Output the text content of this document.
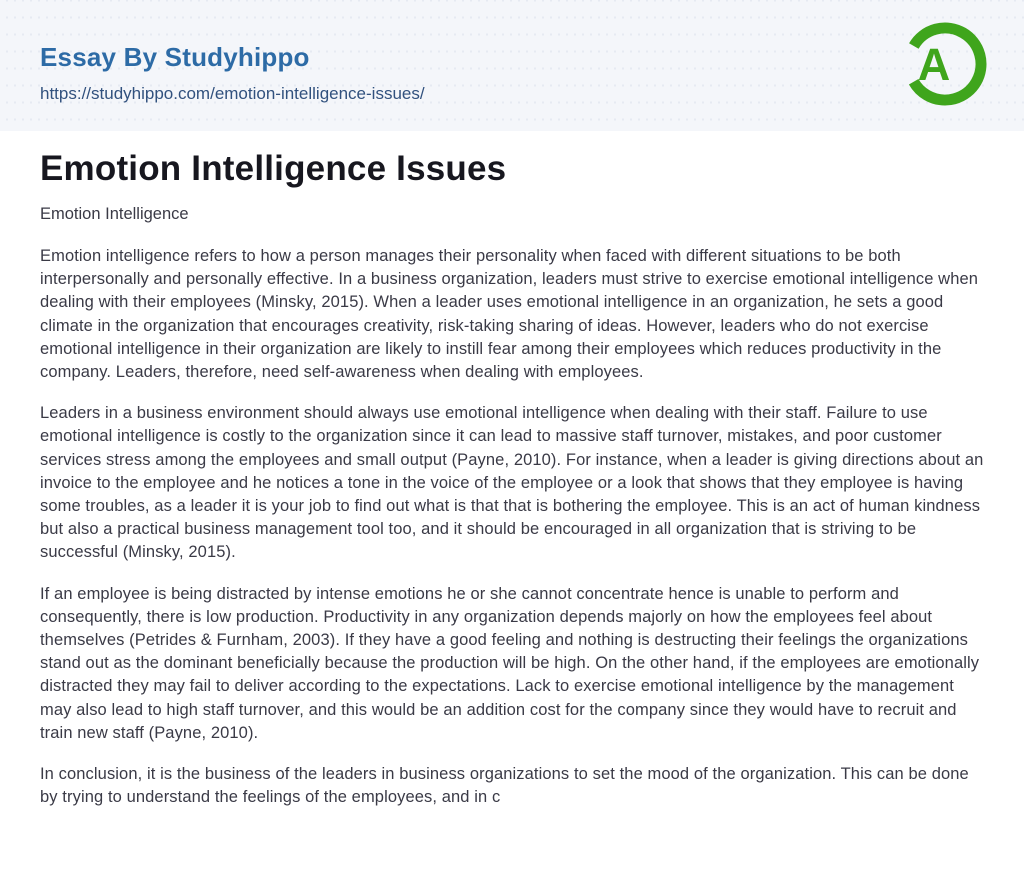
Essay By Studyhippo
https://studyhippo.com/emotion-intelligence-issues/
A
Emotion Intelligence Issues
Emotion Intelligence

Emotion intelligence refers to how a person manages their personality when faced with different situations to be both interpersonally and personally effective. In a business organization, leaders must strive to exercise emotional intelligence when dealing with their employees (Minsky, 2015). When a leader uses emotional intelligence in an organization, he sets a good climate in the organization that encourages creativity, risk-taking sharing of ideas. However, leaders who do not exercise emotional intelligence in their organization are likely to instill fear among their employees which reduces productivity in the company. Leaders, therefore, need self-awareness when dealing with employees.

Leaders in a business environment should always use emotional intelligence when dealing with their staff. Failure to use emotional intelligence is costly to the organization since it can lead to massive staff turnover, mistakes, and poor customer services stress among the employees and small output (Payne, 2010). For instance, when a leader is giving directions about an invoice to the employee and he notices a tone in the voice of the employee or a look that shows that they employee is having some troubles, as a leader it is your job to find out what is that that is bothering the employee. This is an act of human kindness but also a practical business management tool too, and it should be encouraged in all organization that is striving to be successful (Minsky, 2015).

If an employee is being distracted by intense emotions he or she cannot concentrate hence is unable to perform and consequently, there is low production. Productivity in any organization depends majorly on how the employees feel about themselves (Petrides & Furnham, 2003). If they have a good feeling and nothing is destructing their feelings the organizations stand out as the dominant beneficially because the production will be high. On the other hand, if the employees are emotionally distracted they may fail to deliver according to the expectations. Lack to exercise emotional intelligence by the management may also lead to high staff turnover, and this would be an addition cost for the company since they would have to recruit and train new staff (Payne, 2010).

In conclusion, it is the business of the leaders in business organizations to set the mood of the organization. This can be done by trying to understand the feelings of the employees, and in c
